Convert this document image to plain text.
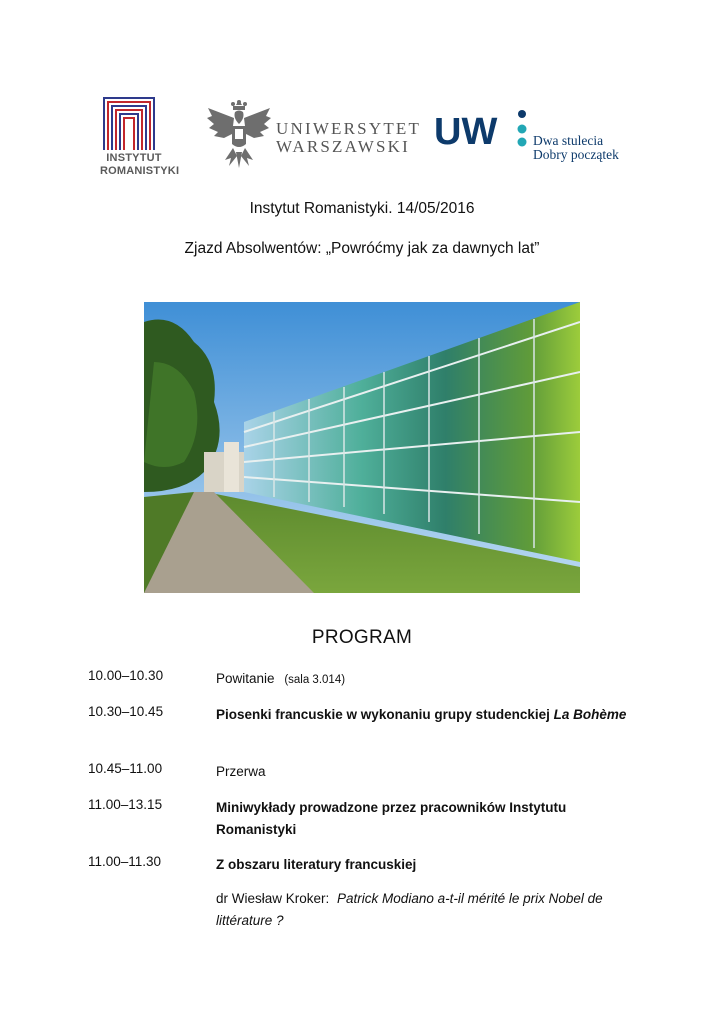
INSTYTUT
ROMANISTYKI
UNIWERSYTET
WARSZAWSKI UW	Dwa stulecia
Dobry początek
Instytut Romanistyki. 14/05/2016
Zjazd Absolwentów: „Powróćmy jak za dawnych lat”
PROGRAM
10.00–10.30	Powitanie (sala 3.014)
10.30–10.45	Piosenki francuskie w wykonaniu grupy studenckiej La Bohème
10.45–11.00	Przerwa
11.00–13.15	Miniwykłady prowadzone przez pracowników Instytutu Romanistyki
11.00–11.30	Z obszaru literatury francuskiej
dr Wiesław Kroker: Patrick Modiano a-t-il mérité le prix Nobel de littérature ?
